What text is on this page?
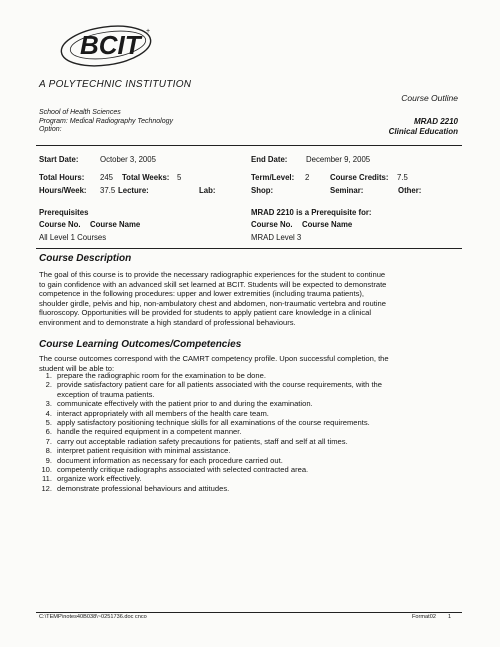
BCIT +
A POLYTECHNIC INSTITUTION
School of Health Sciences
Program: Medical Radiography Technology
Option:
Course Outline
MRAD 2210
Clinical Education
Start Date:	October 3, 2005	End Date: December 9, 2005
Total Hours: 245 Total Weeks: 5	Term/Level: 2	Course Credits: 7.5
Hours/Week: 37.5 Lecture:	Lab:	Shop:	Seminar:	Other:
Prerequisites
Course No. Course Name
All Level 1 Courses
MRAD 2210 is a Prerequisite for:
Course No. Course Name
MRAD Level 3
Course Description
The goal of this course is to provide the necessary radiographic experiences for the student to continue
to gain confidence with an advanced skill set learned at BCIT. Students will be expected to demonstrate
competence in the following procedures: upper and lower extremities (including trauma patients),
shoulder girdle, pelvis and hip, non-ambulatory chest and abdomen, non-traumatic vertebra and routine
fluoroscopy. Opportunities will be provided for students to apply patient care knowledge in a clinical
environment and to demonstrate a high standard of professional behaviours.
Course Learning Outcomes/Competencies
The course outcomes correspond with the CAMRT competency profile. Upon successful completion, the
student will be able to:
1. prepare the radiographic room for the examination to be done.
2. provide satisfactory patient care for all patients associated with the course requirements, with the
exception of trauma patients.
3. communicate effectively with the patient prior to and during the examination.
4. interact appropriately with all members of the health care team.
5. apply satisfactory positioning technique skills for all examinations of the course requirements.
6. handle the required equipment in a competent manner.
7. carry out acceptable radiation safety precautions for patients, staff and self at all times.
8. interpret patient requisition with minimal assistance.
9. document information as necessary for each procedure carried out.
10. competently critique radiographs associated with selected contracted area.
11. organize work effectively.
12. demonstrate professional behaviours and attitudes.
C:\TEMP\notes40B038\~0251736.doc cnco	Format02 1
